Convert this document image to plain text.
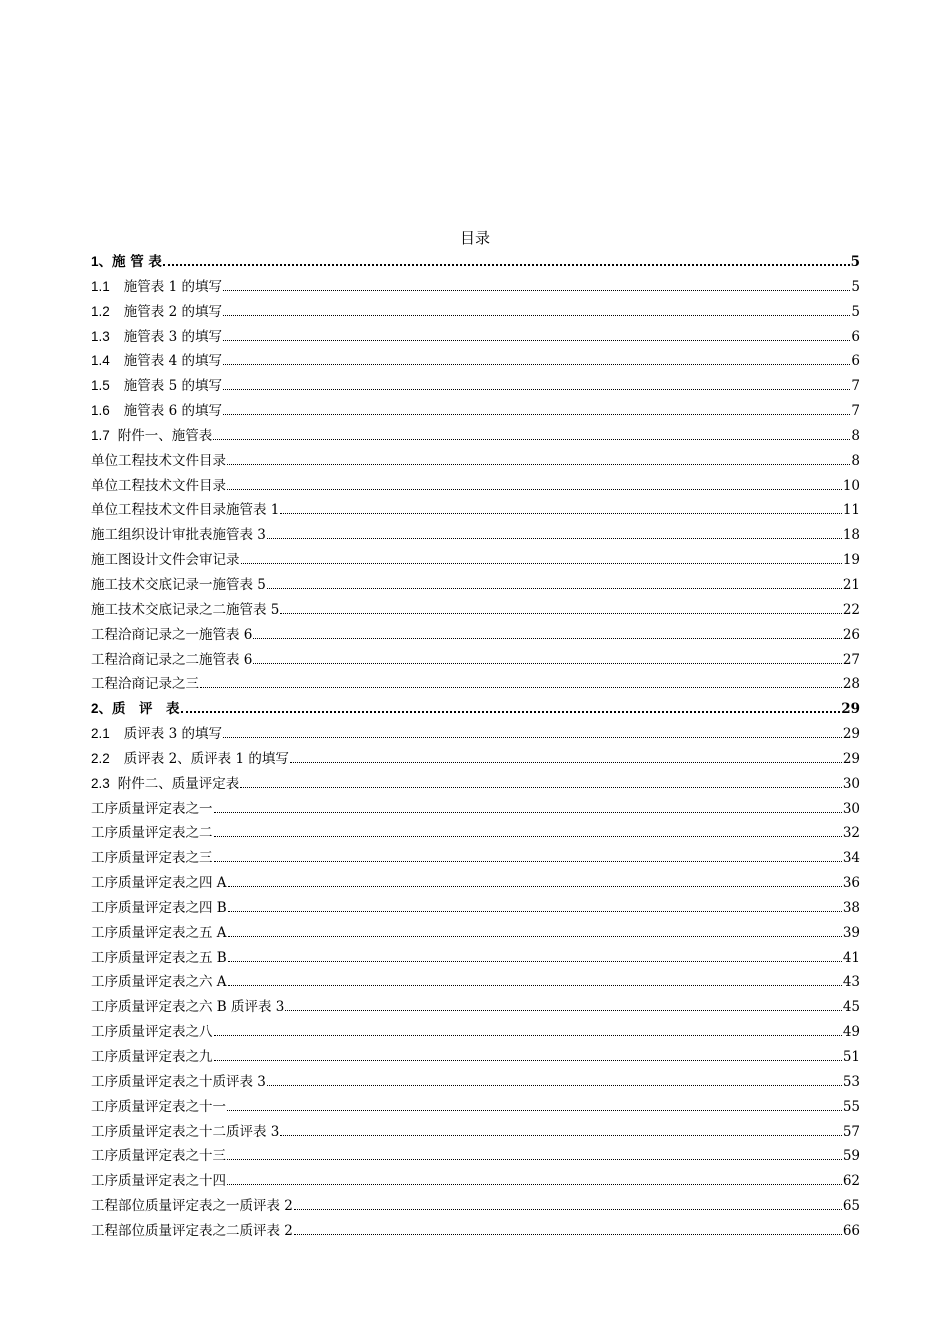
目录
1、 施 管 表	5
1.1 施管表 1 的填写	5
1.2 施管表 2 的填写	5
1.3 施管表 3 的填写	6
1.4 施管表 4 的填写	6
1.5 施管表 5 的填写	7
1.6 施管表 6 的填写	7
1.7 附件一、施管表	8
单位工程技术文件目录	8
单位工程技术文件目录	10
单位工程技术文件目录施管表 1	11
施工组织设计审批表施管表 3	18
施工图设计文件会审记录	19
施工技术交底记录一施管表 5	21
施工技术交底记录之二施管表 5	22
工程洽商记录之一施管表 6	26
工程洽商记录之二施管表 6	27
工程洽商记录之三	28
2、 质　评　表	29
2.1 质评表 3 的填写	29
2.2 质评表 2、质评表 1 的填写	29
2.3 附件二、质量评定表	30
工序质量评定表之一	30
工序质量评定表之二	32
工序质量评定表之三	34
工序质量评定表之四 A	36
工序质量评定表之四 B	38
工序质量评定表之五 A	39
工序质量评定表之五 B	41
工序质量评定表之六 A	43
工序质量评定表之六 B 质评表 3	45
工序质量评定表之八	49
工序质量评定表之九	51
工序质量评定表之十质评表 3	53
工序质量评定表之十一	55
工序质量评定表之十二质评表 3	57
工序质量评定表之十三	59
工序质量评定表之十四	62
工程部位质量评定表之一质评表 2	65
工程部位质量评定表之二质评表 2	66
